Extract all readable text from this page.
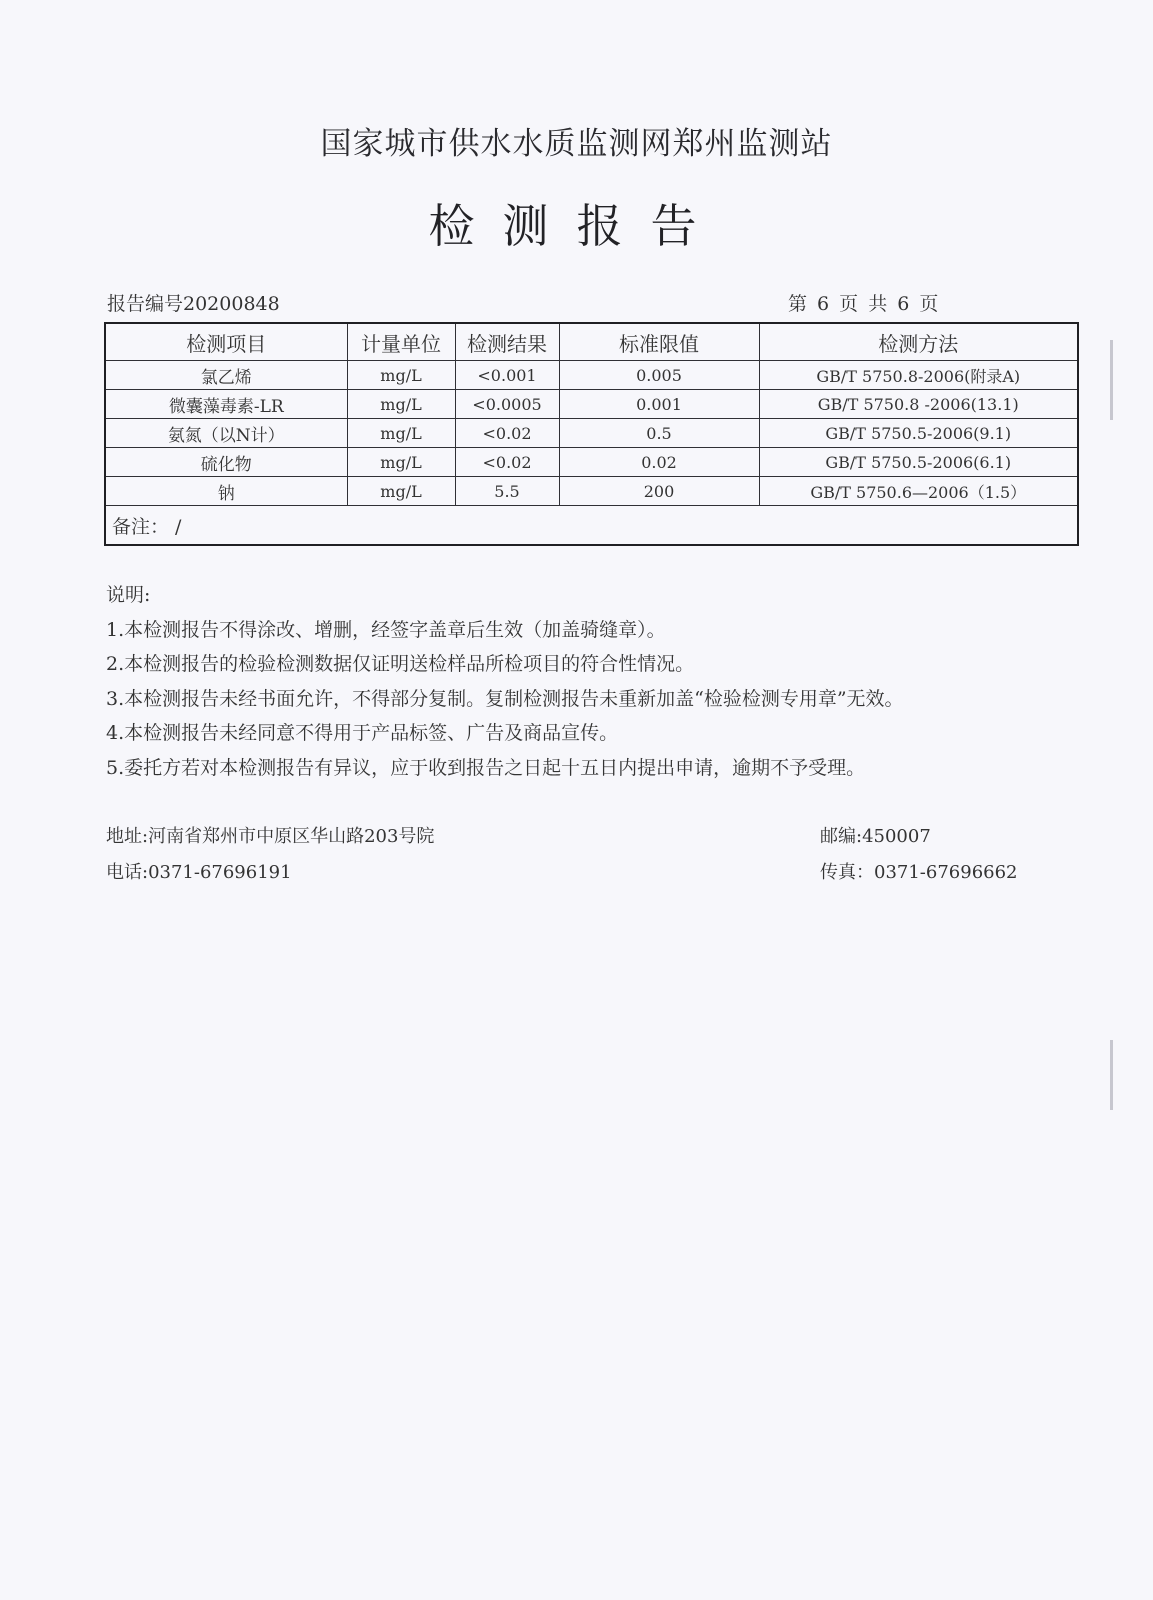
国家城市供水水质监测网郑州监测站
检测报告
报告编号20200848	第 6 页 共 6 页
检测项目	计量单位	检测结果	标准限值	检测方法
氯乙烯	mg/L	<0.001	0.005	GB/T 5750.8-2006(附录A)
微囊藻毒素-LR	mg/L	<0.0005	0.001	GB/T 5750.8 -2006(13.1)
氨氮（以N计）	mg/L	<0.02	0.5	GB/T 5750.5-2006(9.1)
硫化物	mg/L	<0.02	0.02	GB/T 5750.5-2006(6.1)
钠	mg/L	5.5	200	GB/T 5750.6—2006（1.5）
备注： /				

说明:

1.本检测报告不得涂改、增删，经签字盖章后生效（加盖骑缝章）。

2.本检测报告的检验检测数据仅证明送检样品所检项目的符合性情况。

3.本检测报告未经书面允许，不得部分复制。复制检测报告未重新加盖“检验检测专用章”无效。

4.本检测报告未经同意不得用于产品标签、广告及商品宣传。

5.委托方若对本检测报告有异议，应于收到报告之日起十五日内提出申请，逾期不予受理。

地址:河南省郑州市中原区华山路203号院	邮编:450007
电话:0371-67696191	传真：0371-67696662
